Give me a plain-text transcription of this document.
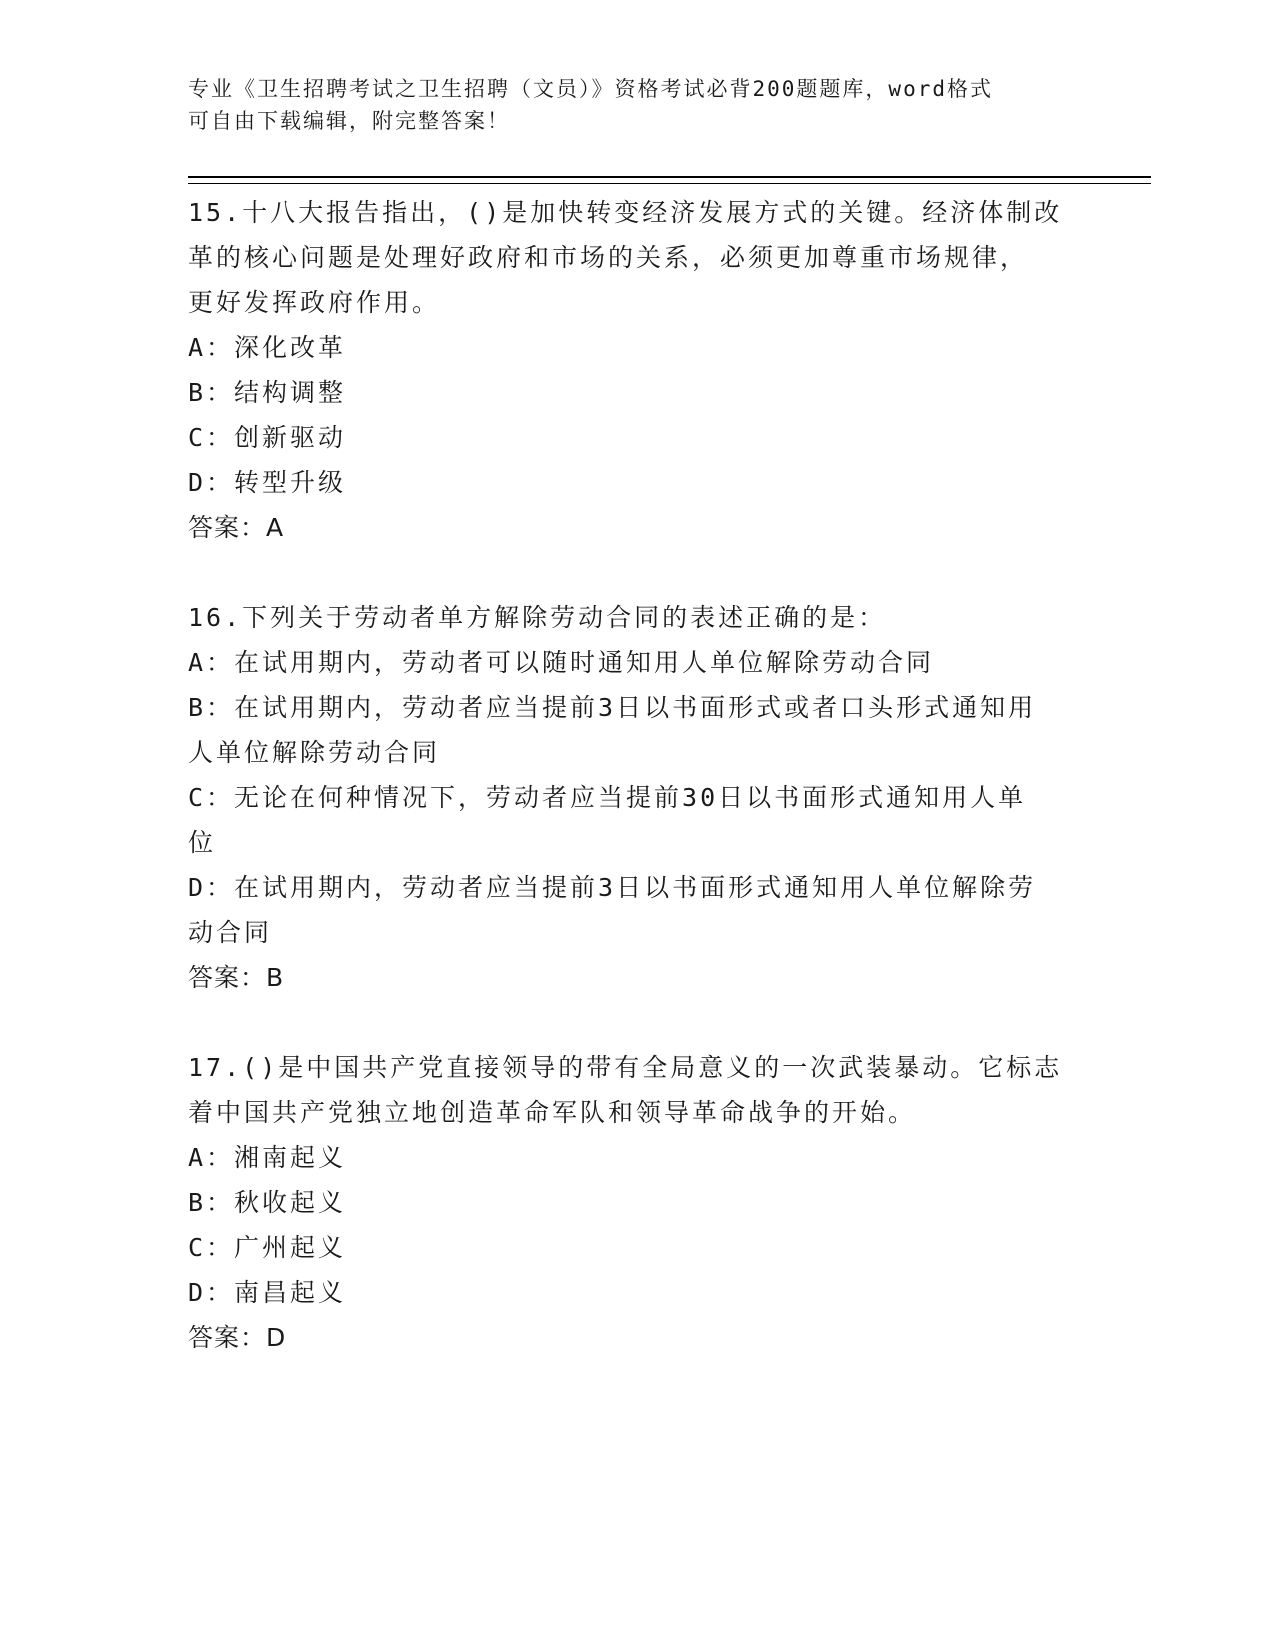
专业《卫生招聘考试之卫生招聘（文员）》资格考试必背200题题库，word格式
可自由下载编辑，附完整答案！
15.十八大报告指出，()是加快转变经济发展方式的关键。经济体制改
革的核心问题是处理好政府和市场的关系，必须更加尊重市场规律，
更好发挥政府作用。
A：深化改革
B：结构调整
C：创新驱动
D：转型升级
答案：A
16.下列关于劳动者单方解除劳动合同的表述正确的是：
A：在试用期内，劳动者可以随时通知用人单位解除劳动合同
B：在试用期内，劳动者应当提前3日以书面形式或者口头形式通知用
人单位解除劳动合同
C：无论在何种情况下，劳动者应当提前30日以书面形式通知用人单
位
D：在试用期内，劳动者应当提前3日以书面形式通知用人单位解除劳
动合同
答案：B
17.()是中国共产党直接领导的带有全局意义的一次武装暴动。它标志
着中国共产党独立地创造革命军队和领导革命战争的开始。
A：湘南起义
B：秋收起义
C：广州起义
D：南昌起义
答案：D
